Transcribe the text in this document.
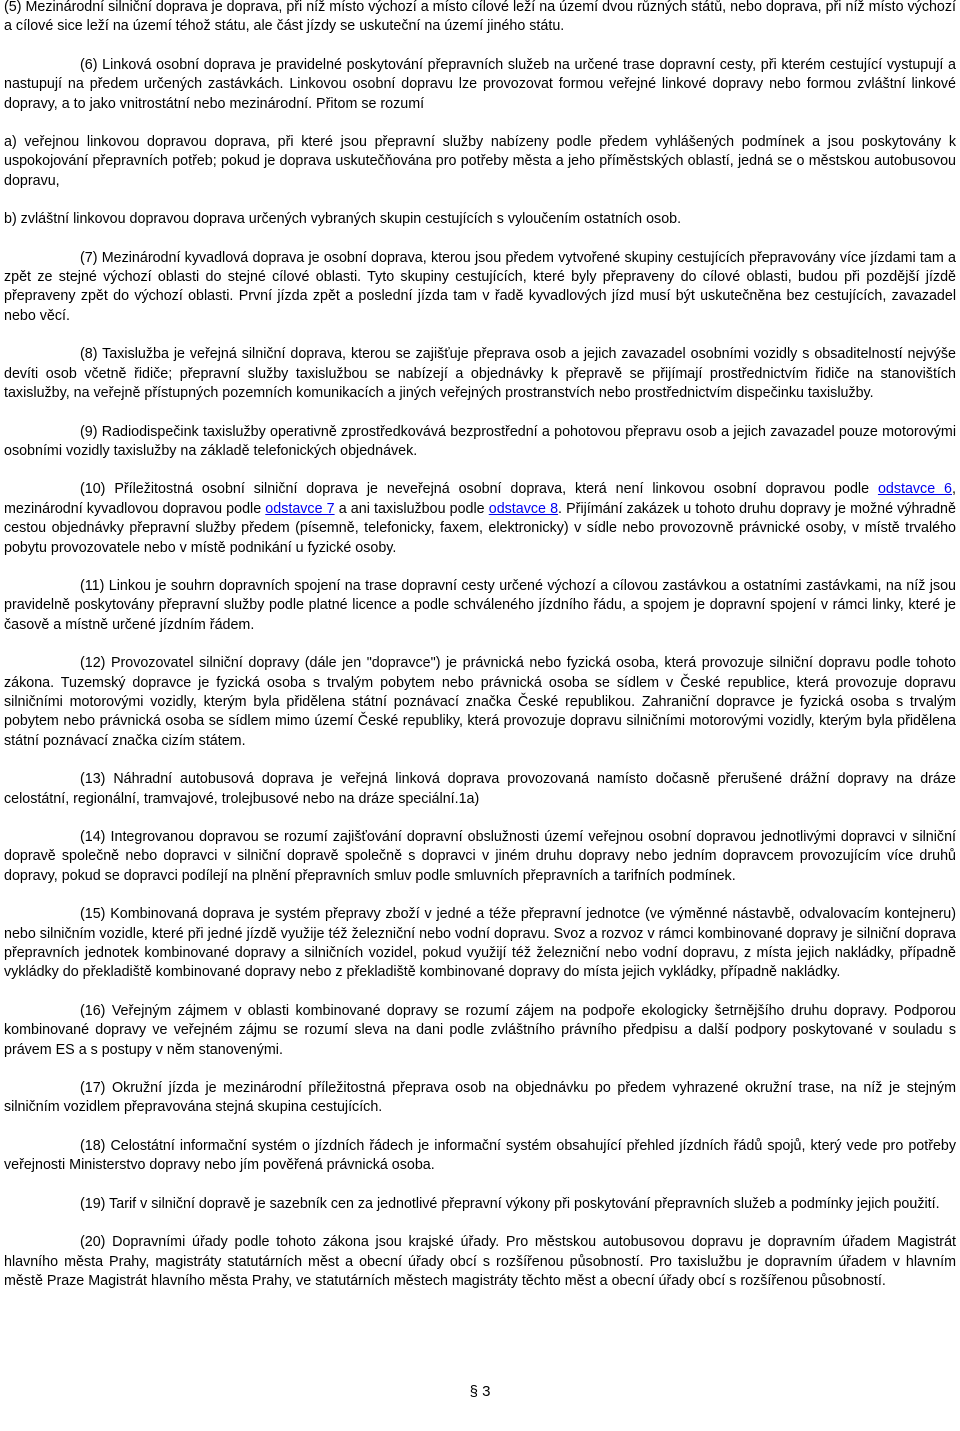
(5) Mezinárodní silniční doprava je doprava, při níž místo výchozí a místo cílové leží na území dvou různých států, nebo doprava, při níž místo výchozí a cílové sice leží na území téhož státu, ale část jízdy se uskuteční na území jiného státu.

(6) Linková osobní doprava je pravidelné poskytování přepravních služeb na určené trase dopravní cesty, při kterém cestující vystupují a nastupují na předem určených zastávkách. Linkovou osobní dopravu lze provozovat formou veřejné linkové dopravy nebo formou zvláštní linkové dopravy, a to jako vnitrostátní nebo mezinárodní. Přitom se rozumí

a) veřejnou linkovou dopravou doprava, při které jsou přepravní služby nabízeny podle předem vyhlášených podmínek a jsou poskytovány k uspokojování přepravních potřeb; pokud je doprava uskutečňována pro potřeby města a jeho příměstských oblastí, jedná se o městskou autobusovou dopravu,

b) zvláštní linkovou dopravou doprava určených vybraných skupin cestujících s vyloučením ostatních osob.

(7) Mezinárodní kyvadlová doprava je osobní doprava, kterou jsou předem vytvořené skupiny cestujících přepravovány více jízdami tam a zpět ze stejné výchozí oblasti do stejné cílové oblasti. Tyto skupiny cestujících, které byly přepraveny do cílové oblasti, budou při pozdější jízdě přepraveny zpět do výchozí oblasti. První jízda zpět a poslední jízda tam v řadě kyvadlových jízd musí být uskutečněna bez cestujících, zavazadel nebo věcí.

(8) Taxislužba je veřejná silniční doprava, kterou se zajišťuje přeprava osob a jejich zavazadel osobními vozidly s obsaditelností nejvýše devíti osob včetně řidiče; přepravní služby taxislužbou se nabízejí a objednávky k přepravě se přijímají prostřednictvím řidiče na stanovištích taxislužby, na veřejně přístupných pozemních komunikacích a jiných veřejných prostranstvích nebo prostřednictvím dispečinku taxislužby.

(9) Radiodispečink taxislužby operativně zprostředkovává bezprostřední a pohotovou přepravu osob a jejich zavazadel pouze motorovými osobními vozidly taxislužby na základě telefonických objednávek.

(10) Příležitostná osobní silniční doprava je neveřejná osobní doprava, která není linkovou osobní dopravou podle odstavce 6, mezinárodní kyvadlovou dopravou podle odstavce 7 a ani taxislužbou podle odstavce 8. Přijímání zakázek u tohoto druhu dopravy je možné výhradně cestou objednávky přepravní služby předem (písemně, telefonicky, faxem, elektronicky) v sídle nebo provozovně právnické osoby, v místě trvalého pobytu provozovatele nebo v místě podnikání u fyzické osoby.

(11) Linkou je souhrn dopravních spojení na trase dopravní cesty určené výchozí a cílovou zastávkou a ostatními zastávkami, na níž jsou pravidelně poskytovány přepravní služby podle platné licence a podle schváleného jízdního řádu, a spojem je dopravní spojení v rámci linky, které je časově a místně určené jízdním řádem.

(12) Provozovatel silniční dopravy (dále jen "dopravce") je právnická nebo fyzická osoba, která provozuje silniční dopravu podle tohoto zákona. Tuzemský dopravce je fyzická osoba s trvalým pobytem nebo právnická osoba se sídlem v České republice, která provozuje dopravu silničními motorovými vozidly, kterým byla přidělena státní poznávací značka České republikou. Zahraniční dopravce je fyzická osoba s trvalým pobytem nebo právnická osoba se sídlem mimo území České republiky, která provozuje dopravu silničními motorovými vozidly, kterým byla přidělena státní poznávací značka cizím státem.

(13) Náhradní autobusová doprava je veřejná linková doprava provozovaná namísto dočasně přerušené drážní dopravy na dráze celostátní, regionální, tramvajové, trolejbusové nebo na dráze speciální.1a)

(14) Integrovanou dopravou se rozumí zajišťování dopravní obslužnosti území veřejnou osobní dopravou jednotlivými dopravci v silniční dopravě společně nebo dopravci v silniční dopravě společně s dopravci v jiném druhu dopravy nebo jedním dopravcem provozujícím více druhů dopravy, pokud se dopravci podílejí na plnění přepravních smluv podle smluvních přepravních a tarifních podmínek.

(15) Kombinovaná doprava je systém přepravy zboží v jedné a téže přepravní jednotce (ve výměnné nástavbě, odvalovacím kontejneru) nebo silničním vozidle, které při jedné jízdě využije též železniční nebo vodní dopravu. Svoz a rozvoz v rámci kombinované dopravy je silniční doprava přepravních jednotek kombinované dopravy a silničních vozidel, pokud využijí též železniční nebo vodní dopravu, z místa jejich nakládky, případně vykládky do překladiště kombinované dopravy nebo z překladiště kombinované dopravy do místa jejich vykládky, případně nakládky.

(16) Veřejným zájmem v oblasti kombinované dopravy se rozumí zájem na podpoře ekologicky šetrnějšího druhu dopravy. Podporou kombinované dopravy ve veřejném zájmu se rozumí sleva na dani podle zvláštního právního předpisu a další podpory poskytované v souladu s právem ES a s postupy v něm stanovenými.

(17) Okružní jízda je mezinárodní příležitostná přeprava osob na objednávku po předem vyhrazené okružní trase, na níž je stejným silničním vozidlem přepravována stejná skupina cestujících.

(18) Celostátní informační systém o jízdních řádech je informační systém obsahující přehled jízdních řádů spojů, který vede pro potřeby veřejnosti Ministerstvo dopravy nebo jím pověřená právnická osoba.

(19) Tarif v silniční dopravě je sazebník cen za jednotlivé přepravní výkony při poskytování přepravních služeb a podmínky jejich použití.

(20) Dopravními úřady podle tohoto zákona jsou krajské úřady. Pro městskou autobusovou dopravu je dopravním úřadem Magistrát hlavního města Prahy, magistráty statutárních měst a obecní úřady obcí s rozšířenou působností. Pro taxislužbu je dopravním úřadem v hlavním městě Praze Magistrát hlavního města Prahy, ve statutárních městech magistráty těchto měst a obecní úřady obcí s rozšířenou působností.

§ 3
